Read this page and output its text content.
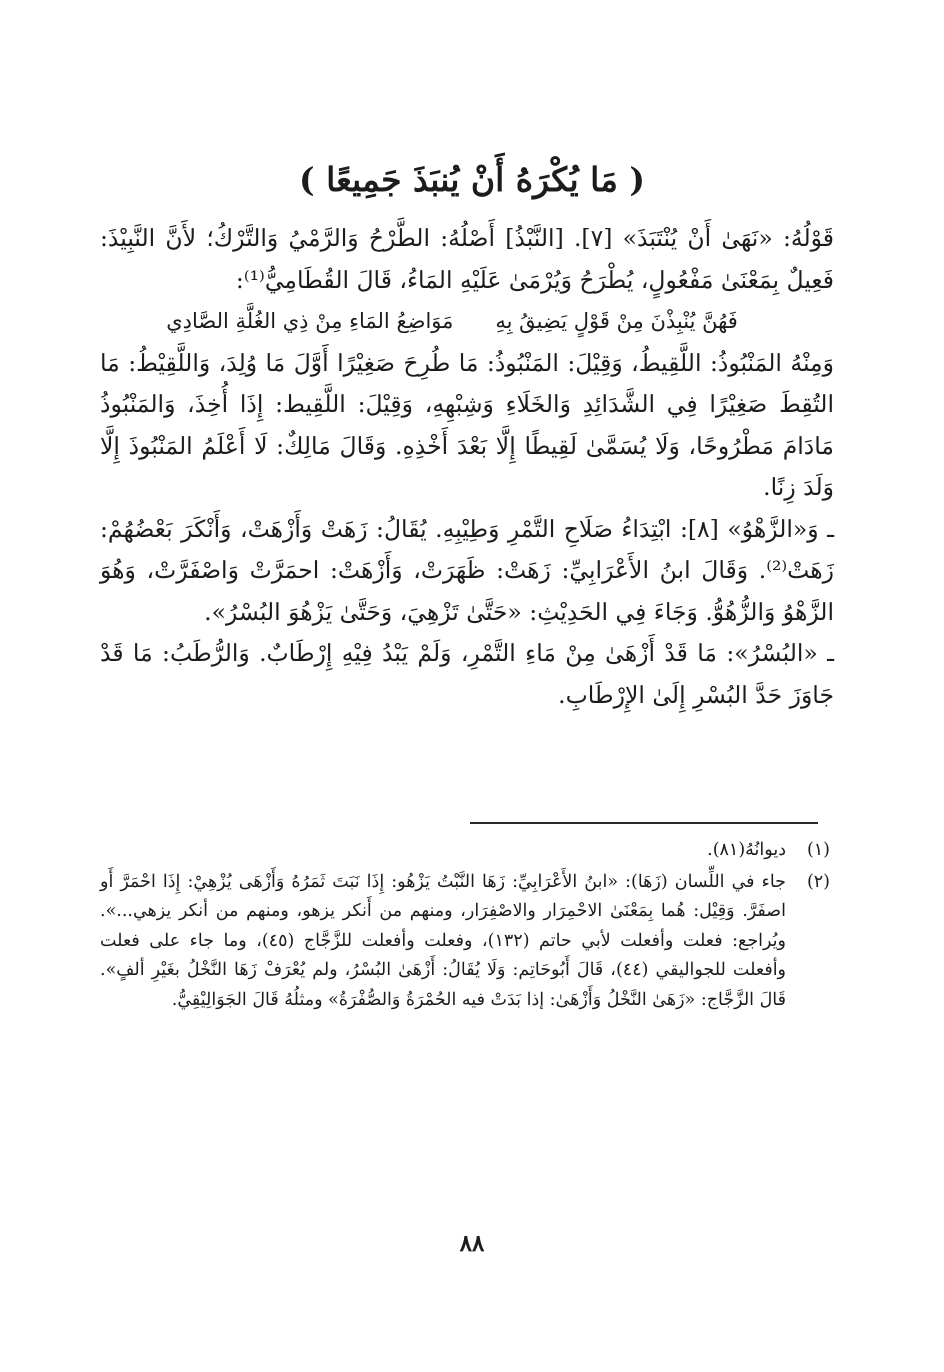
( مَا يُكْرَهُ أَنْ يُنبَذَ جَمِيعًا )

قَوْلُهُ: «نَهَىٰ أَنْ يُنْتَبَذَ» [٧]. [النَّبْذُ] أَصْلُهُ: الطَّرْحُ وَالرَّمْيُ وَالتَّرْكُ؛ لأَنَّ النَّبِيْذَ: فَعِيلٌ بِمَعْنَىٰ مَفْعُولٍ، يُطْرَحُ وَيُرْمَىٰ عَلَيْهِ المَاءُ، قَالَ القُطَامِيُّ⁽¹⁾:

فَهُنَّ يُنْبِذْنَ مِنْ قَوْلٍ يَضِيقُ بِهِ
مَوَاضِعُ المَاءِ مِنْ ذِي الغُلَّةِ الصَّادِي

وَمِنْهُ المَنْبُوذُ: اللَّقِيطُ، وَقِيْلَ: المَنْبُوذُ: مَا طُرِحَ صَغِيْرًا أَوَّلَ مَا وُلِدَ، وَاللَّقِيْطُ: مَا التُقِطَ صَغِيْرًا فِي الشَّدَائِدِ وَالخَلَاءِ وَشِبْهِهِ، وَقِيْلَ: اللَّقِيط: إِذَا أُخِذَ، وَالمَنْبُوذُ مَادَامَ مَطْرُوحًا، وَلَا يُسَمَّىٰ لَقِيطًا إِلَّا بَعْدَ أَخْذِهِ. وَقَالَ مَالِكٌ: لَا أَعْلَمُ المَنْبُوذَ إِلَّا وَلَدَ زِنًا.

ـ وَ«الزَّهْوُ» [٨]: ابْتِدَاءُ صَلَاحِ التَّمْرِ وَطِيْبِهِ. يُقَالُ: زَهَتْ وَأَزْهَتْ، وَأَنْكَرَ بَعْضُهُمْ: زَهَتْ⁽²⁾. وَقَالَ ابنُ الأَعْرَابِيِّ: زَهَتْ: ظَهَرَتْ، وَأَزْهَتْ: احمَرَّتْ وَاصْفَرَّتْ، وَهُوَ الزَّهْوُ وَالزُّهُوُّ. وَجَاءَ فِي الحَدِيْثِ: «حَتَّىٰ تَزْهِيَ، وَحَتَّىٰ يَزْهُوَ البُسْرُ».

ـ «البُسْرُ»: مَا قَدْ أَزْهَىٰ مِنْ مَاءِ التَّمْرِ، وَلَمْ يَبْدُ فِيْهِ إِرْطَابٌ. وَالرُّطَبُ: مَا قَدْ جَاوَزَ حَدَّ البُسْرِ إِلَىٰ الإِرْطَابِ.

(١)
ديوانُهُ(٨١).
(٢)
جاء في اللِّسان (زَهَا): «ابنُ الأَعْرَابِيِّ: زَهَا النَّبْتُ يَزْهُو: إِذَا نَبَتَ ثَمَرُهُ وَأَزْهَى يُزْهِيْ: إِذَا احْمَرَّ أَو اصفَرَّ. وَقِيْل: هُما بِمَعْنَىٰ الاحْمِرَار والاصْفِرَار، ومنهم من أَنكر يزهو، ومنهم من أنكر يزهي...». ويُراجع: فعلت وأفعلت لأبي حاتم (١٣٢)، وفعلت وأفعلت للزَّجَّاج (٤٥)، وما جاء على فعلت وأفعلت للجواليقي (٤٤)، قَالَ أَبُوحَاتِم: وَلَا يُقَالُ: أَزْهَىٰ البُسْرُ، ولم يُعْرَفْ زَهَا النَّخْلُ بغَيْرِ ألفٍ». قَالَ الزَّجَّاج: «زَهَىٰ النَّخْلُ وَأَزْهَىٰ: إذا بَدَتْ فيه الحُمْرَةُ وَالصُّفْرَةُ» ومثلُهُ قَالَ الجَوَالِيْقِيُّ.
٨٨
